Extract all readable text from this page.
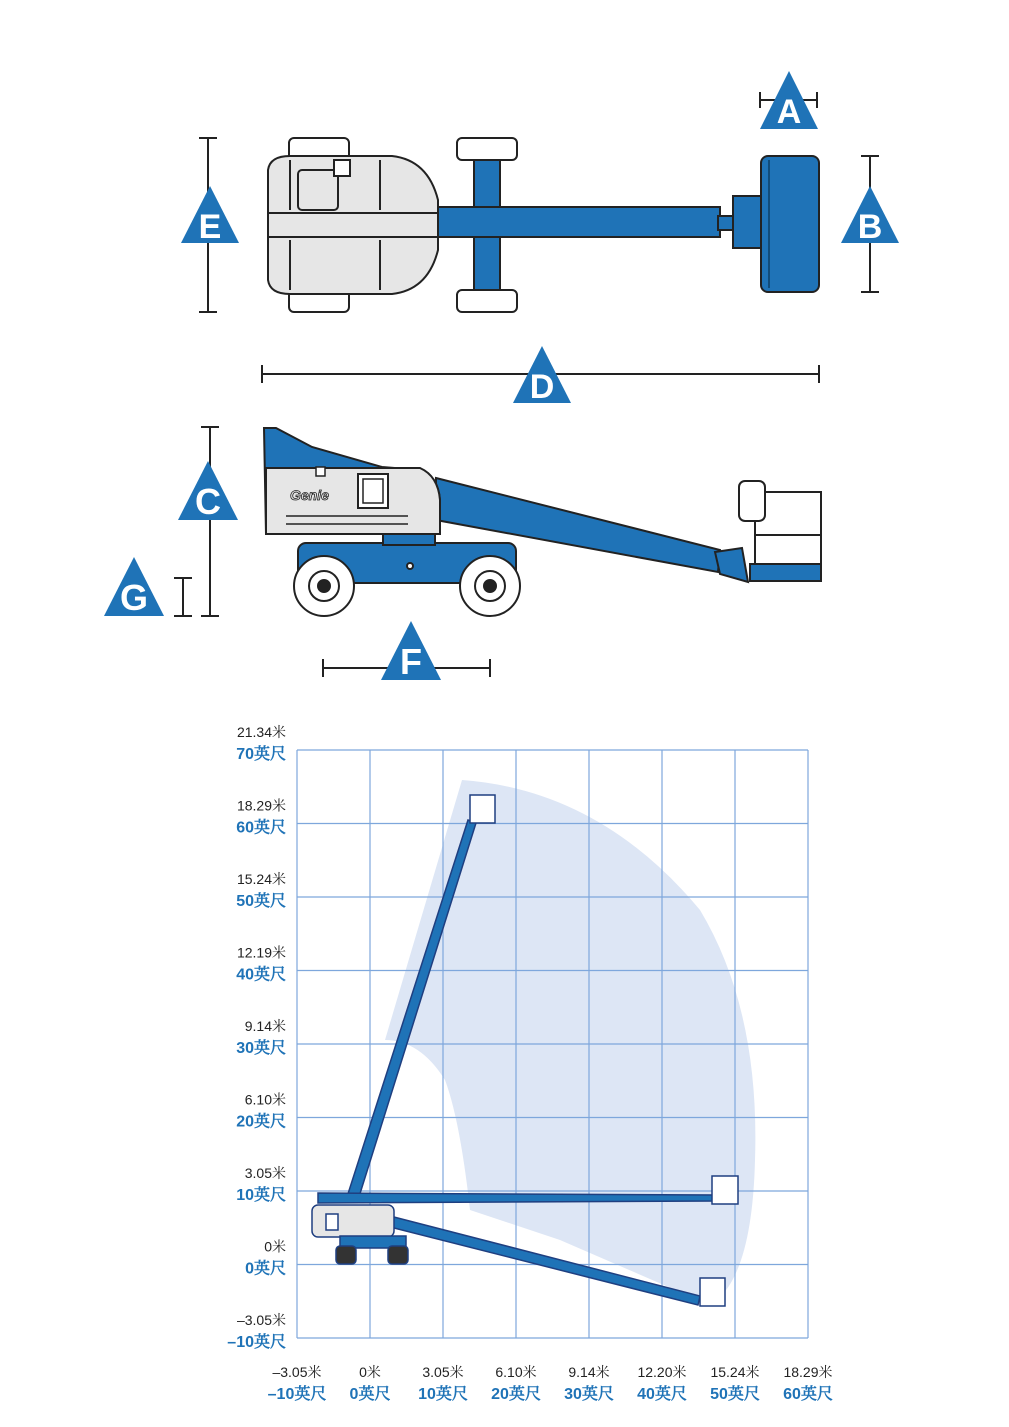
Genie
21.34米
70英尺
18.29米
60英尺
15.24米
50英尺
12.19米
40英尺
9.14米
30英尺
6.10米
20英尺
3.05米
10英尺
0米
0英尺
–3.05米
–10英尺
–3.05米
–10英尺
0米
0英尺
3.05米
10英尺
6.10米
20英尺
9.14米
30英尺
12.20米
40英尺
15.24米
50英尺
18.29米
60英尺
A
B
E
D
C
G
F
